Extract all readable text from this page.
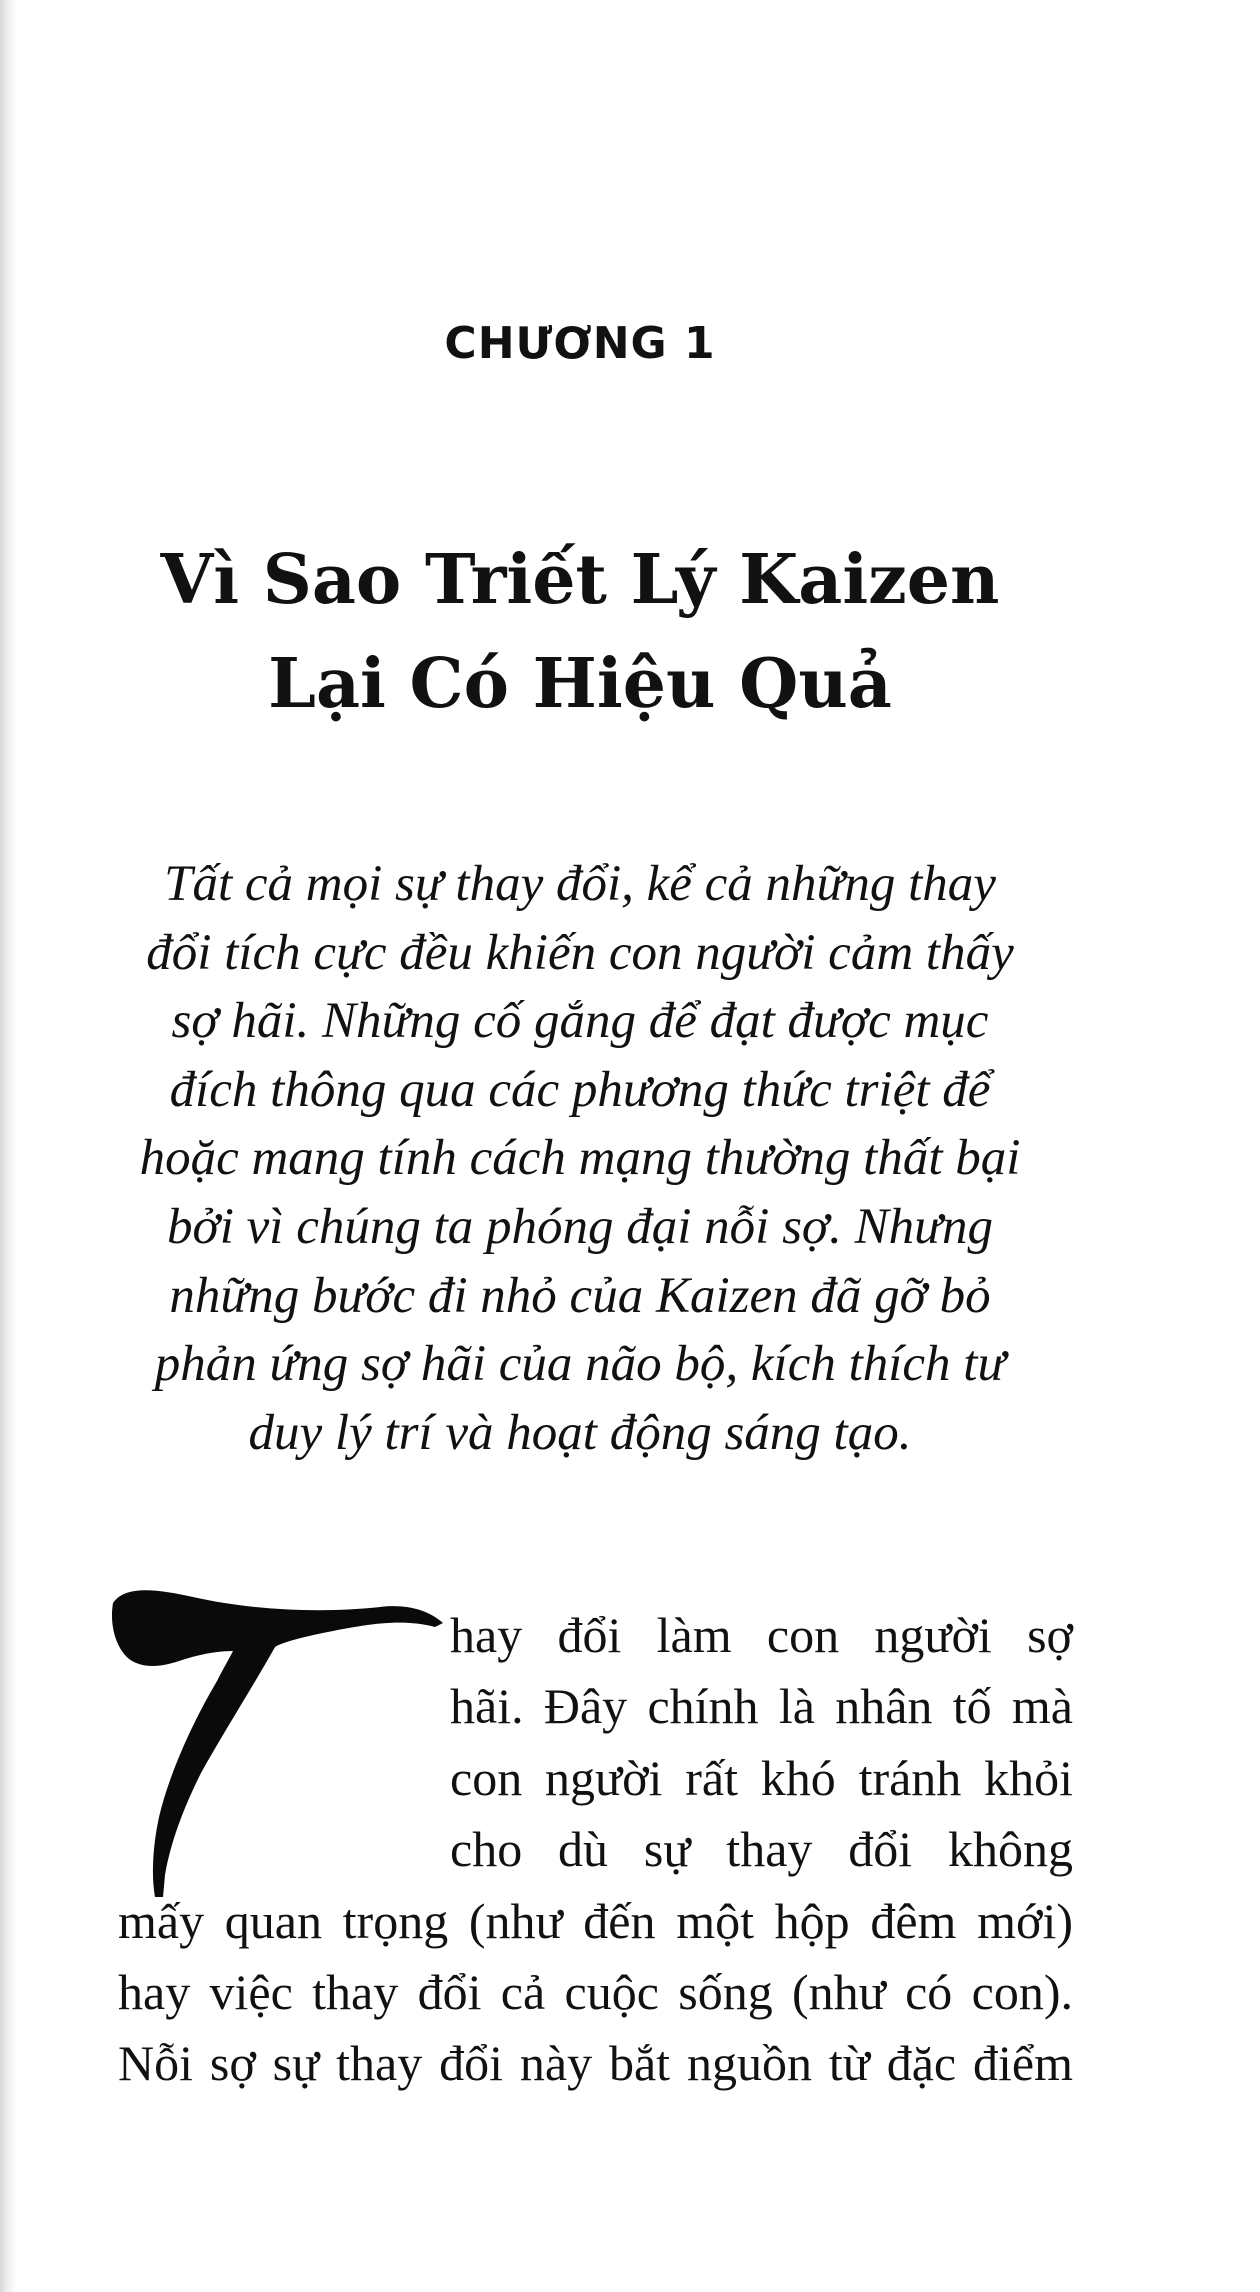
CHƯƠNG 1
Vì Sao Triết Lý Kaizen
Lại Có Hiệu Quả
Tất cả mọi sự thay đổi, kể cả những thay
đổi tích cực đều khiến con người cảm thấy
sợ hãi. Những cố gắng để đạt được mục
đích thông qua các phương thức triệt để
hoặc mang tính cách mạng thường thất bại
bởi vì chúng ta phóng đại nỗi sợ. Nhưng
những bước đi nhỏ của Kaizen đã gỡ bỏ
phản ứng sợ hãi của não bộ, kích thích tư
duy lý trí và hoạt động sáng tạo.
hay đổi làm con người sợ
hãi. Đây chính là nhân tố mà
con người rất khó tránh khỏi
cho dù sự thay đổi không
mấy quan trọng (như đến một hộp đêm mới)
hay việc thay đổi cả cuộc sống (như có con).
Nỗi sợ sự thay đổi này bắt nguồn từ đặc điểm
